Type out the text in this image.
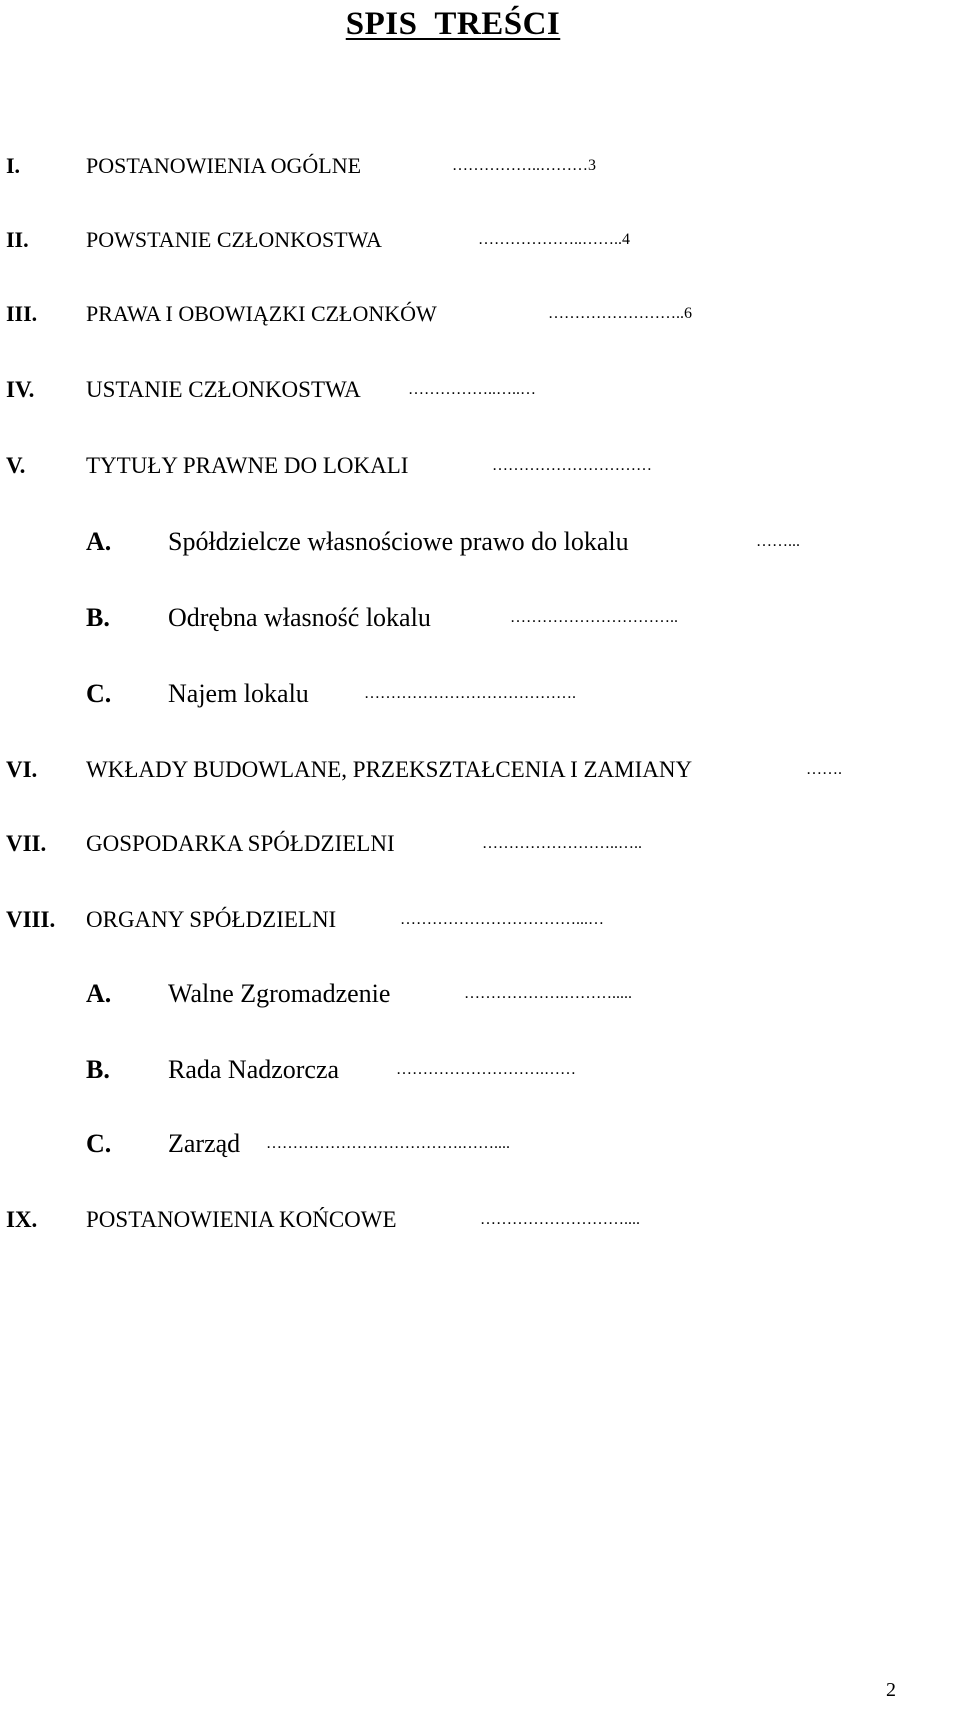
SPIS  TREŚCI
I.	POSTANOWIENIA OGÓLNE	……………..………3
II.	POWSTANIE CZŁONKOSTWA	………………..……..4
III. PRAWA I OBOWIĄZKI CZŁONKÓW	……………………..6
IV. USTANIE CZŁONKOSTWA	……………..…..…
V.	TYTUŁY PRAWNE DO LOKALI	…………………………
A. Spółdzielcze własnościowe prawo do lokalu	……...
B. Odrębna własność lokalu	…………………………..
C. Najem lokalu	………………………………….
VI. WKŁADY BUDOWLANE, PRZEKSZTAŁCENIA I ZAMIANY	…….
VII. GOSPODARKA SPÓŁDZIELNI	……………………..…..
VIII. ORGANY SPÓŁDZIELNI	……………………………...…
A. Walne Zgromadzenie	……………….……….....
B. Rada Nadzorcza	……………………….……
C. Zarząd ……………………………….……....
IX. POSTANOWIENIA KOŃCOWE	………………………....
2
